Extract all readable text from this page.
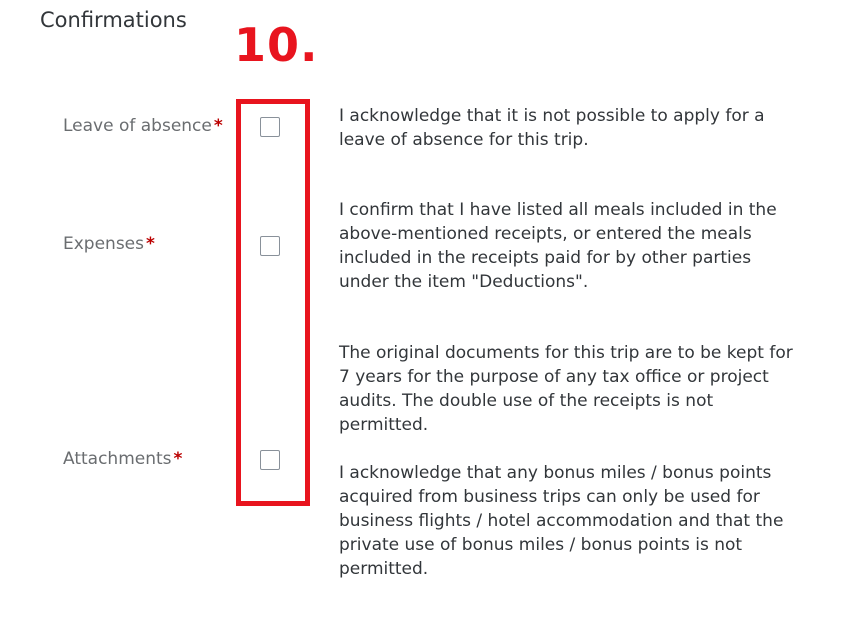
Confirmations 10.
Leave of absence *	I acknowledge that it is not possible to apply for a leave of absence for this trip.
Expenses *
I confirm that I have listed all meals included in the above-mentioned receipts, or entered the meals included in the receipts paid for by other parties under the item "Deductions".
Attachments *
The original documents for this trip are to be kept for 7 years for the purpose of any tax office or project audits. The double use of the receipts is not permitted.
I acknowledge that any bonus miles / bonus points acquired from business trips can only be used for business flights / hotel accommodation and that the private use of bonus miles / bonus points is not permitted.
